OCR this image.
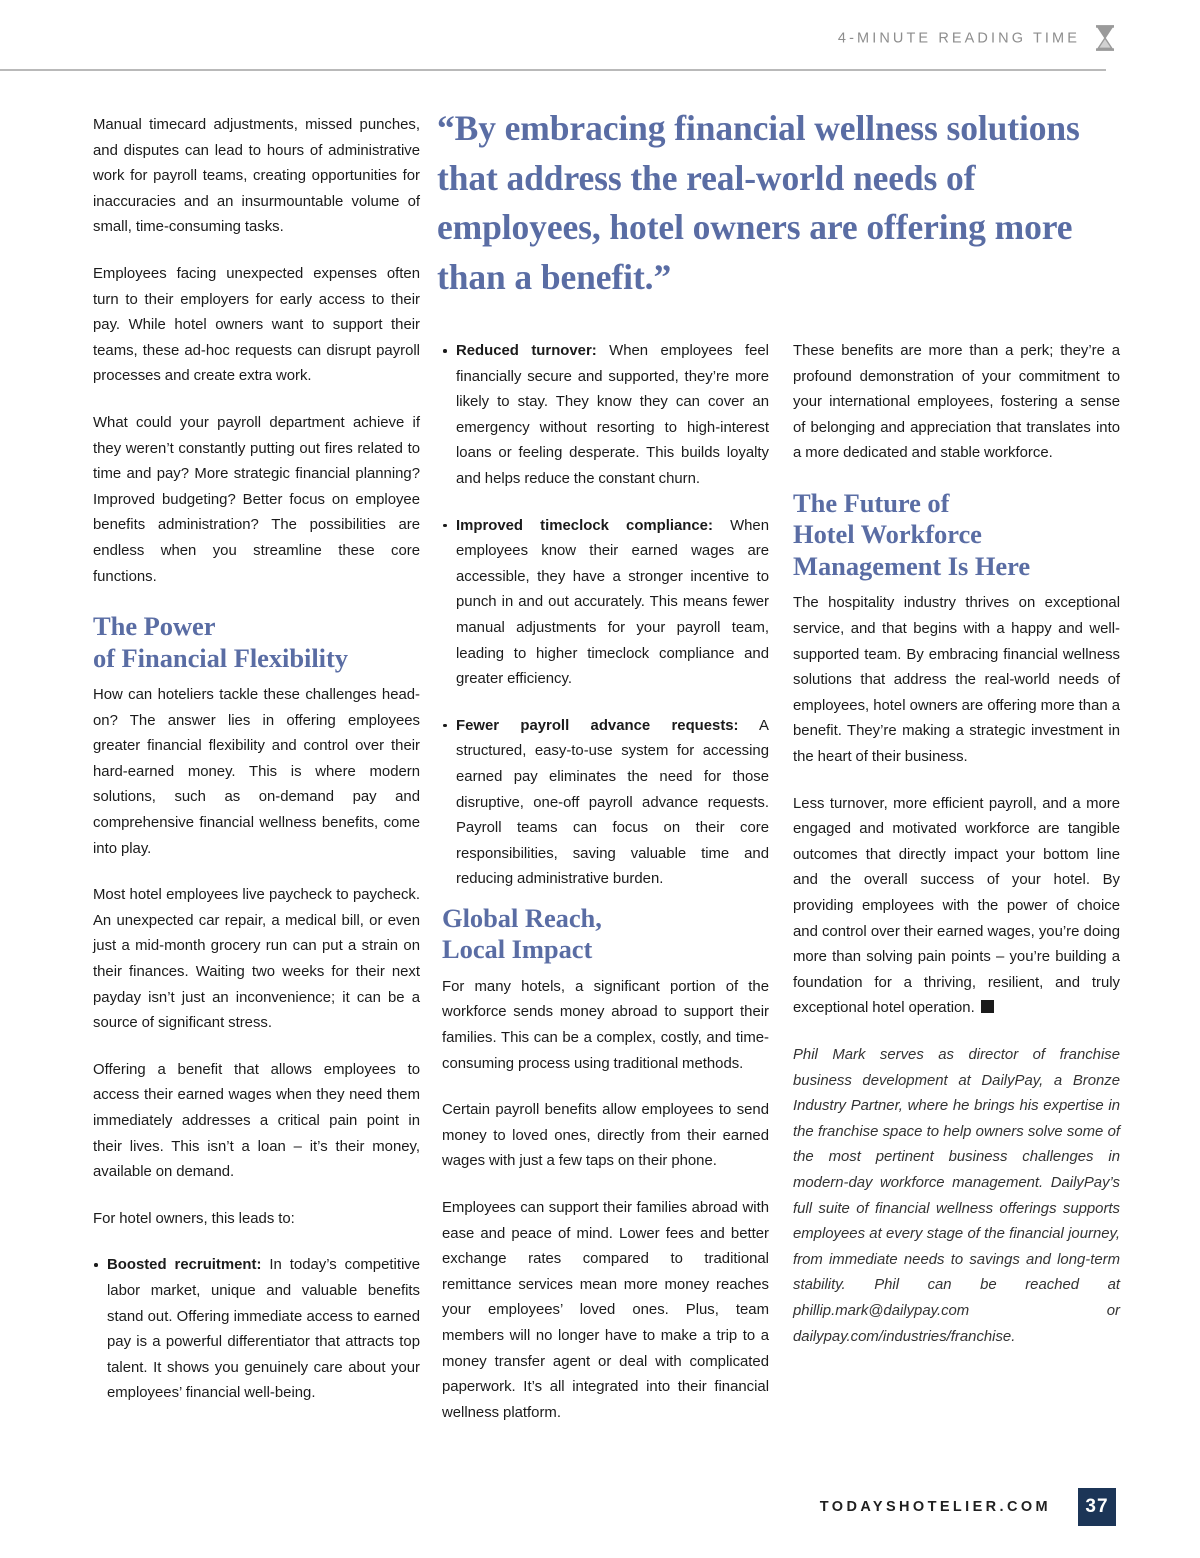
4-MINUTE READING TIME
“By embracing financial wellness solutions that address the real-world needs of employees, hotel owners are offering more than a benefit.”

Manual timecard adjustments, missed punches, and disputes can lead to hours of administrative work for payroll teams, creating opportunities for inaccuracies and an insurmountable volume of small, time-consuming tasks.

Employees facing unexpected expenses often turn to their employers for early access to their pay. While hotel owners want to support their teams, these ad-hoc requests can disrupt payroll processes and create extra work.

What could your payroll department achieve if they weren’t constantly putting out fires related to time and pay? More strategic financial planning? Improved budgeting? Better focus on employee benefits administration? The possibilities are endless when you streamline these core functions.

The Power
of Financial Flexibility

How can hoteliers tackle these challenges head-on? The answer lies in offering employees greater financial flexibility and control over their hard-earned money. This is where modern solutions, such as on-demand pay and comprehensive financial wellness benefits, come into play.

Most hotel employees live paycheck to paycheck. An unexpected car repair, a medical bill, or even just a mid-month grocery run can put a strain on their finances. Waiting two weeks for their next payday isn’t just an inconvenience; it can be a source of significant stress.

Offering a benefit that allows employees to access their earned wages when they need them immediately addresses a critical pain point in their lives. This isn’t a loan – it’s their money, available on demand.

For hotel owners, this leads to:

Boosted recruitment: In today’s competitive labor market, unique and valuable benefits stand out. Offering immediate access to earned pay is a powerful differentiator that attracts top talent. It shows you genuinely care about your employees’ financial well-being.
Reduced turnover: When employees feel financially secure and supported, they’re more likely to stay. They know they can cover an emergency without resorting to high-interest loans or feeling desperate. This builds loyalty and helps reduce the constant churn.
Improved timeclock compliance: When employees know their earned wages are accessible, they have a stronger incentive to punch in and out accurately. This means fewer manual adjustments for your payroll team, leading to higher timeclock compliance and greater efficiency.
Fewer payroll advance requests: A structured, easy-to-use system for accessing earned pay eliminates the need for those disruptive, one-off payroll advance requests. Payroll teams can focus on their core responsibilities, saving valuable time and reducing administrative burden.
Global Reach,
Local Impact

For many hotels, a significant portion of the workforce sends money abroad to support their families. This can be a complex, costly, and time-consuming process using traditional methods.

Certain payroll benefits allow employees to send money to loved ones, directly from their earned wages with just a few taps on their phone.

Employees can support their families abroad with ease and peace of mind. Lower fees and better exchange rates compared to traditional remittance services mean more money reaches your employees’ loved ones. Plus, team members will no longer have to make a trip to a money transfer agent or deal with complicated paperwork. It’s all integrated into their financial wellness platform.

These benefits are more than a perk; they’re a profound demonstration of your commitment to your international employees, fostering a sense of belonging and appreciation that translates into a more dedicated and stable workforce.

The Future of
Hotel Workforce
Management Is Here

The hospitality industry thrives on exceptional service, and that begins with a happy and well-supported team. By embracing financial wellness solutions that address the real-world needs of employees, hotel owners are offering more than a benefit. They’re making a strategic investment in the heart of their business.

Less turnover, more efficient payroll, and a more engaged and motivated workforce are tangible outcomes that directly impact your bottom line and the overall success of your hotel. By providing employees with the power of choice and control over their earned wages, you’re doing more than solving pain points – you’re building a foundation for a thriving, resilient, and truly exceptional hotel operation.

Phil Mark serves as director of franchise business development at DailyPay, a Bronze Industry Partner, where he brings his expertise in the franchise space to help owners solve some of the most pertinent business challenges in modern-day workforce management. DailyPay’s full suite of financial wellness offerings supports employees at every stage of the financial journey, from immediate needs to savings and long-term stability. Phil can be reached at phillip.mark@dailypay.com or dailypay.com/industries/franchise.

TODAYSHOTELIER.COM	37
